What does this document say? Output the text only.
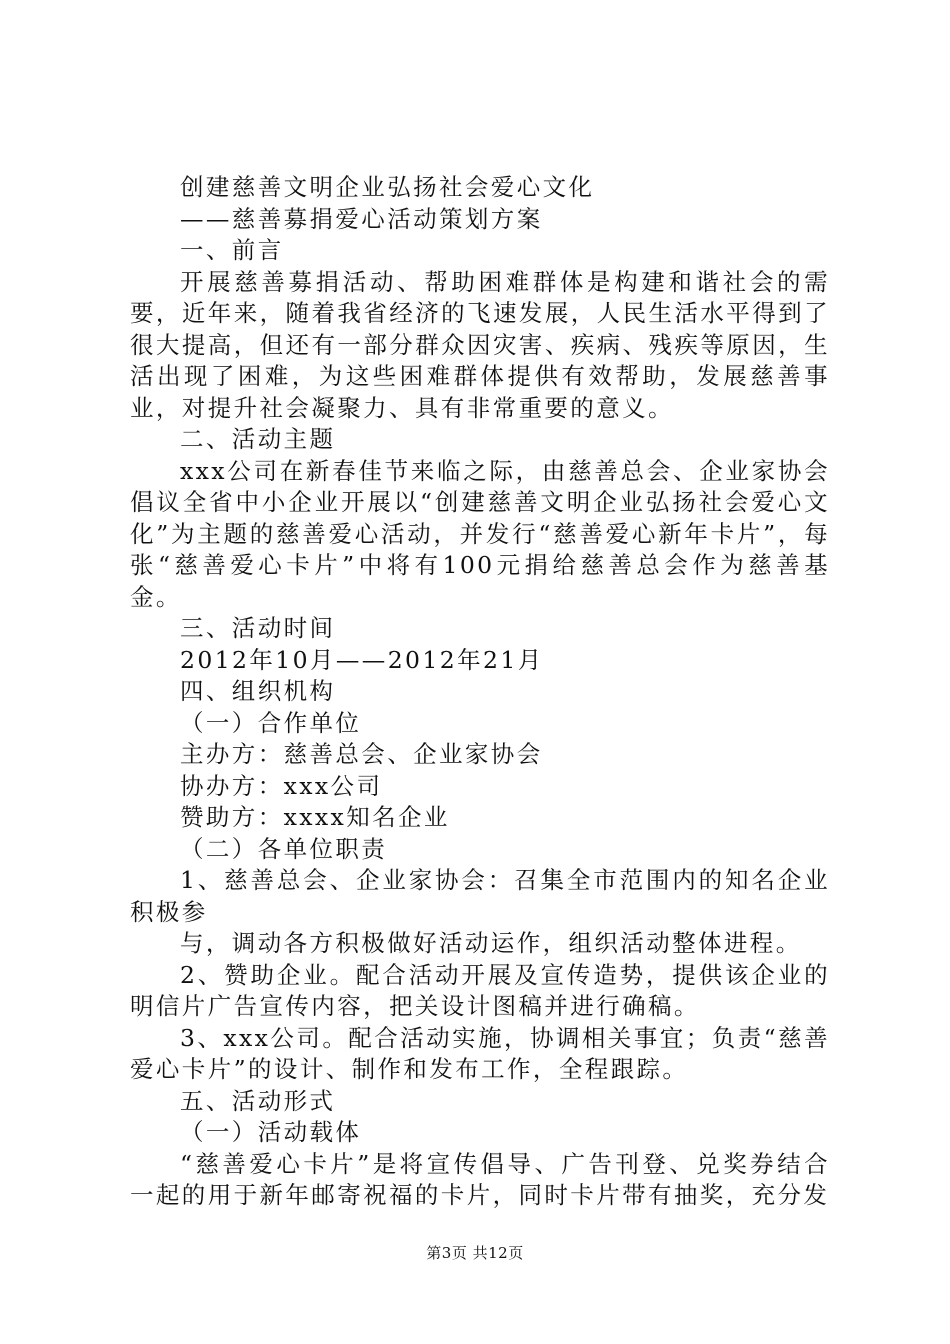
创建慈善文明企业弘扬社会爱心文化

——慈善募捐爱心活动策划方案

一、前言

开展慈善募捐活动、帮助困难群体是构建和谐社会的需要，近年来，随着我省经济的飞速发展，人民生活水平得到了很大提高，但还有一部分群众因灾害、疾病、残疾等原因，生活出现了困难，为这些困难群体提供有效帮助，发展慈善事业，对提升社会凝聚力、具有非常重要的意义。

二、活动主题

xxx公司在新春佳节来临之际，由慈善总会、企业家协会倡议全省中小企业开展以“创建慈善文明企业弘扬社会爱心文化”为主题的慈善爱心活动，并发行“慈善爱心新年卡片”，每张“慈善爱心卡片”中将有100元捐给慈善总会作为慈善基金。

三、活动时间

2012年10月——2012年21月

四、组织机构

（一）合作单位

主办方：慈善总会、企业家协会

协办方：xxx公司

赞助方：xxxx知名企业

（二）各单位职责

1、慈善总会、企业家协会：召集全市范围内的知名企业积极参

与，调动各方积极做好活动运作，组织活动整体进程。

2、赞助企业。配合活动开展及宣传造势，提供该企业的明信片广告宣传内容，把关设计图稿并进行确稿。

3、xxx公司。配合活动实施，协调相关事宜；负责“慈善爱心卡片”的设计、制作和发布工作，全程跟踪。

五、活动形式

（一）活动载体

“慈善爱心卡片”是将宣传倡导、广告刊登、兑奖券结合一起的用于新年邮寄祝福的卡片，同时卡片带有抽奖，充分发

第3页 共12页
